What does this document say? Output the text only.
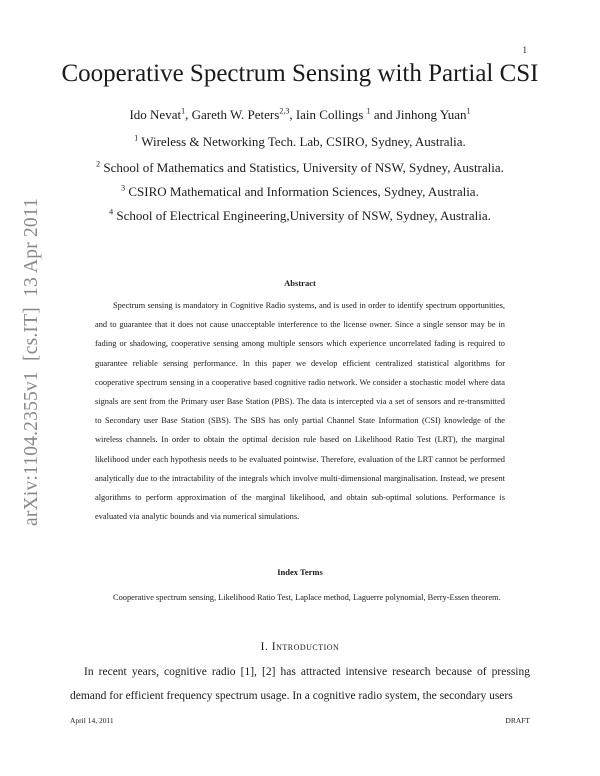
1
arXiv:1104.2355v1  [cs.IT]  13 Apr 2011
Cooperative Spectrum Sensing with Partial CSI
Ido Nevat$^1$, Gareth W. Peters$^{2,3}$, Iain Collings $^1$ and Jinhong Yuan$^1$
$^1$ Wireless & Networking Tech. Lab, CSIRO, Sydney, Australia.
$^2$ School of Mathematics and Statistics, University of NSW, Sydney, Australia.
$^3$ CSIRO Mathematical and Information Sciences, Sydney, Australia.
$^4$ School of Electrical Engineering,University of NSW, Sydney, Australia.
Abstract
Spectrum sensing is mandatory in Cognitive Radio systems, and is used in order to identify spectrum opportunities, and to guarantee that it does not cause unacceptable interference to the license owner. Since a single sensor may be in fading or shadowing, cooperative sensing among multiple sensors which experience uncorrelated fading is required to guarantee reliable sensing performance. In this paper we develop efficient centralized statistical algorithms for cooperative spectrum sensing in a cooperative based cognitive radio network. We consider a stochastic model where data signals are sent from the Primary user Base Station (PBS). The data is intercepted via a set of sensors and re-transmitted to Secondary user Base Station (SBS). The SBS has only partial Channel State Information (CSI) knowledge of the wireless channels. In order to obtain the optimal decision rule based on Likelihood Ratio Test (LRT), the marginal likelihood under each hypothesis needs to be evaluated pointwise. Therefore, evaluation of the LRT cannot be performed analytically due to the intractability of the integrals which involve multi-dimensional marginalisation. Instead, we present algorithms to perform approximation of the marginal likelihood, and obtain sub-optimal solutions. Performance is evaluated via analytic bounds and via numerical simulations.
Index Terms
Cooperative spectrum sensing, Likelihood Ratio Test, Laplace method, Laguerre polynomial, Berry-Essen theorem.
I. Introduction
In recent years, cognitive radio [1], [2] has attracted intensive research because of pressing demand for efficient frequency spectrum usage. In a cognitive radio system, the secondary users
April 14, 2011	DRAFT
